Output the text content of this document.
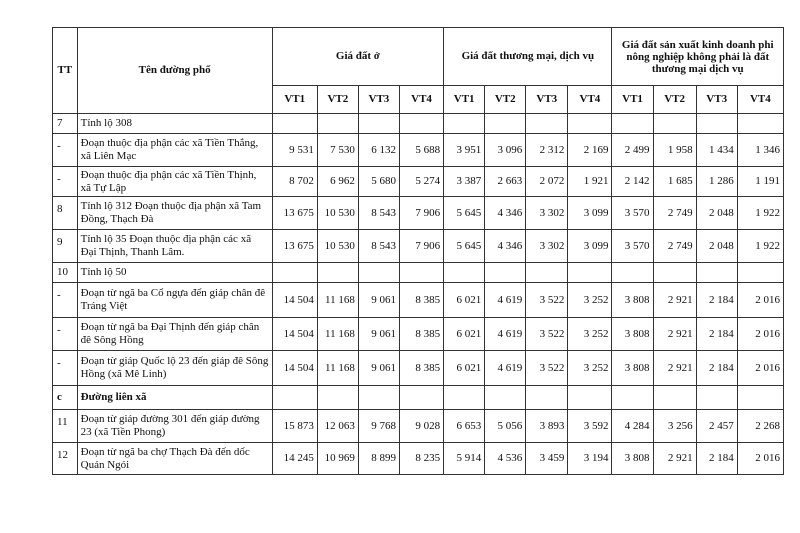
TT	Tên đường phố	Giá đất ở				Giá đất thương mại, dịch vụ				Giá đất sản xuất kinh doanh phi nông nghiệp không phải là đất thương mại dịch vụ			
		VT1	VT2	VT3	VT4	VT1	VT2	VT3	VT4	VT1	VT2	VT3	VT4
7	Tỉnh lộ 308												
-	Đoạn thuộc địa phận các xã Tiền Thắng, xã Liên Mạc	9 531	7 530	6 132	5 688	3 951	3 096	2 312	2 169	2 499	1 958	1 434	1 346
-	Đoạn thuộc địa phận các xã Tiền Thịnh, xã Tự Lập	8 702	6 962	5 680	5 274	3 387	2 663	2 072	1 921	2 142	1 685	1 286	1 191
8	Tỉnh lộ 312 Đoạn thuộc địa phận xã Tam Đồng, Thạch Đà	13 675	10 530	8 543	7 906	5 645	4 346	3 302	3 099	3 570	2 749	2 048	1 922
9	Tỉnh lộ 35 Đoạn thuộc địa phận các xã Đại Thịnh, Thanh Lâm.	13 675	10 530	8 543	7 906	5 645	4 346	3 302	3 099	3 570	2 749	2 048	1 922
10	Tỉnh lộ 50												
-	Đoạn từ ngã ba Cổ ngựa đến giáp chân đê Tráng Việt	14 504	11 168	9 061	8 385	6 021	4 619	3 522	3 252	3 808	2 921	2 184	2 016
-	Đoạn từ ngã ba Đại Thịnh đến giáp chân đê Sông Hồng	14 504	11 168	9 061	8 385	6 021	4 619	3 522	3 252	3 808	2 921	2 184	2 016
-	Đoạn từ giáp Quốc lộ 23 đến giáp đê Sông Hồng (xã Mê Linh)	14 504	11 168	9 061	8 385	6 021	4 619	3 522	3 252	3 808	2 921	2 184	2 016
c	Đường liên xã												
11	Đoạn từ giáp đường 301 đến giáp đường 23 (xã Tiền Phong)	15 873	12 063	9 768	9 028	6 653	5 056	3 893	3 592	4 284	3 256	2 457	2 268
12	Đoạn từ ngã ba chợ Thạch Đà đến dốc Quán Ngói	14 245	10 969	8 899	8 235	5 914	4 536	3 459	3 194	3 808	2 921	2 184	2 016
